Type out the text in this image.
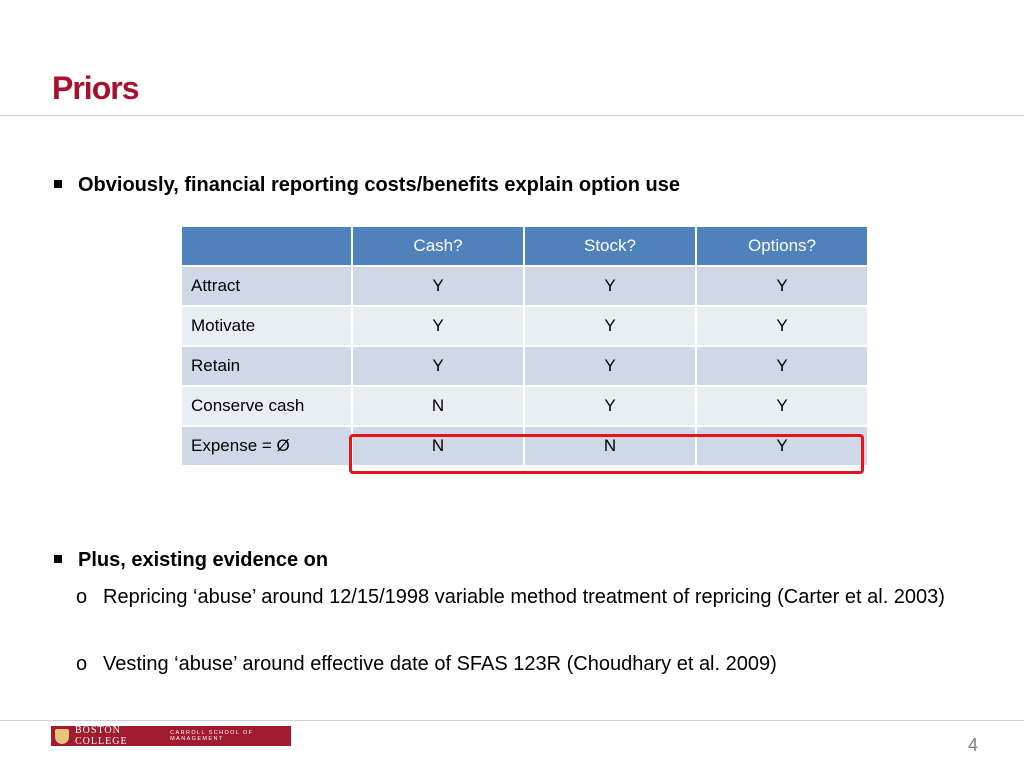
Priors
Obviously, financial reporting costs/benefits explain option use
	Cash?	Stock?	Options?
Attract	Y	Y	Y
Motivate	Y	Y	Y
Retain	Y	Y	Y
Conserve cash	N	Y	Y
Expense = Ø	N	N	Y
Plus, existing evidence on
o Repricing ‘abuse’ around 12/15/1998 variable method treatment of repricing (Carter et al. 2003)
o Vesting ‘abuse’ around effective date of SFAS 123R (Choudhary et al. 2009)
BOSTON COLLEGE
CARROLL SCHOOL OF MANAGEMENT	4
